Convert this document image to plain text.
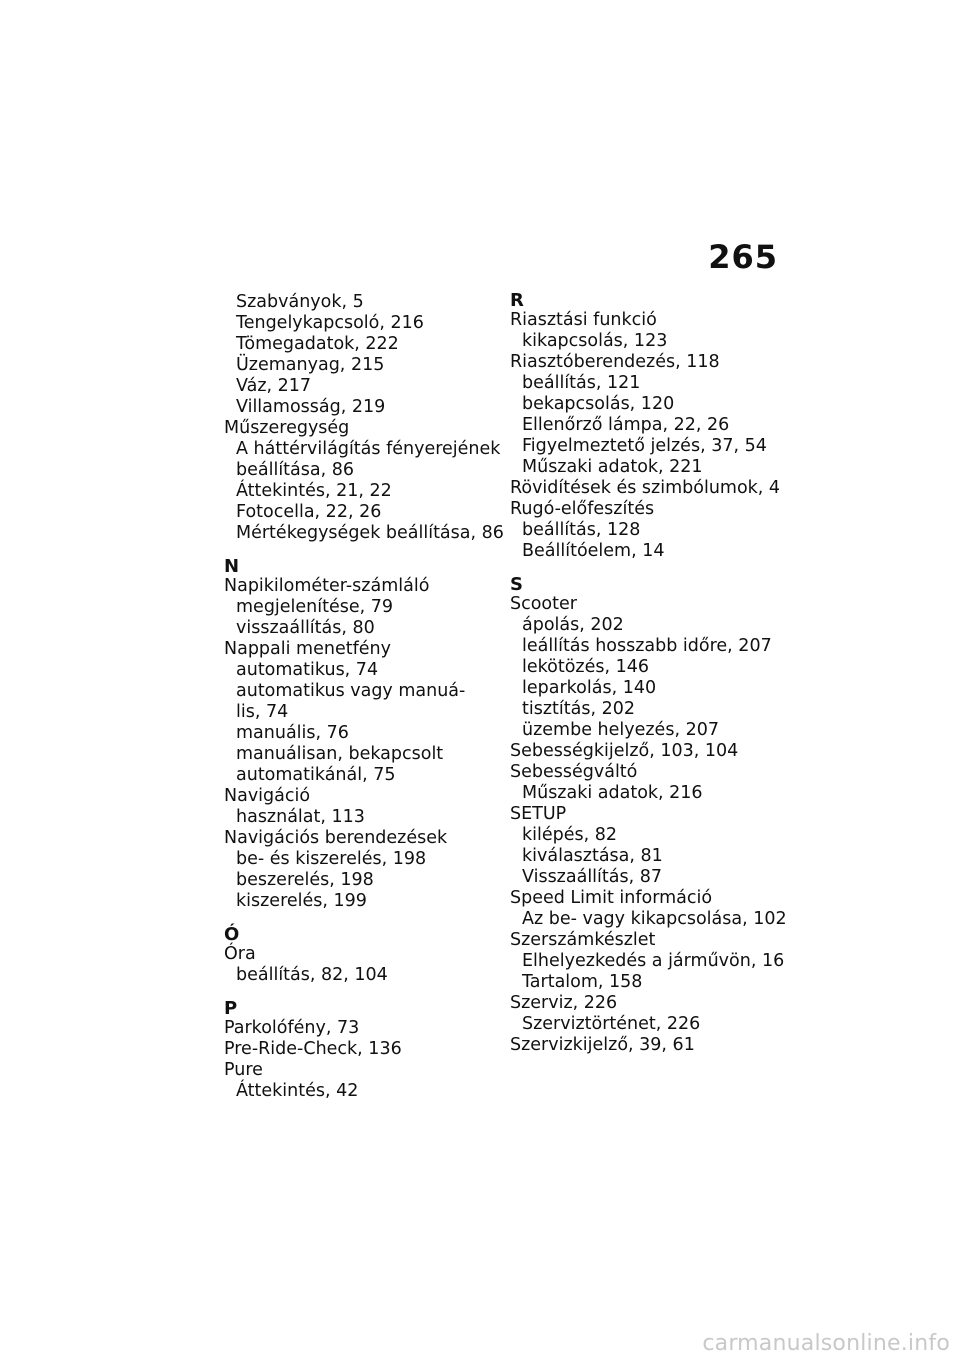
265
Szabványok, 5
Tengelykapcsoló, 216
Tömegadatok, 222
Üzemanyag, 215
Váz, 217
Villamosság, 219
Műszeregység
A háttérvilágítás fényerejének
beállítása, 86
Áttekintés, 21, 22
Fotocella, 22, 26
Mértékegységek beállítása, 86
N
Napikilométer-számláló
megjelenítése, 79
visszaállítás, 80
Nappali menetfény
automatikus, 74
automatikus vagy manuá-
lis, 74
manuális, 76
manuálisan, bekapcsolt
automatikánál, 75
Navigáció
használat, 113
Navigációs berendezések
be- és kiszerelés, 198
beszerelés, 198
kiszerelés, 199
Ó
Óra
beállítás, 82, 104
P
Parkolófény, 73
Pre-Ride-Check, 136
Pure
Áttekintés, 42
R
Riasztási funkció
kikapcsolás, 123
Riasztóberendezés, 118
beállítás, 121
bekapcsolás, 120
Ellenőrző lámpa, 22, 26
Figyelmeztető jelzés, 37, 54
Műszaki adatok, 221
Rövidítések és szimbólumok, 4
Rugó-előfeszítés
beállítás, 128
Beállítóelem, 14
S
Scooter
ápolás, 202
leállítás hosszabb időre, 207
lekötözés, 146
leparkolás, 140
tisztítás, 202
üzembe helyezés, 207
Sebességkijelző, 103, 104
Sebességváltó
Műszaki adatok, 216
SETUP
kilépés, 82
kiválasztása, 81
Visszaállítás, 87
Speed Limit információ
Az be- vagy kikapcsolása, 102
Szerszámkészlet
Elhelyezkedés a járművön, 16
Tartalom, 158
Szerviz, 226
Szerviztörténet, 226
Szervizkijelző, 39, 61
carmanualsonline.info
